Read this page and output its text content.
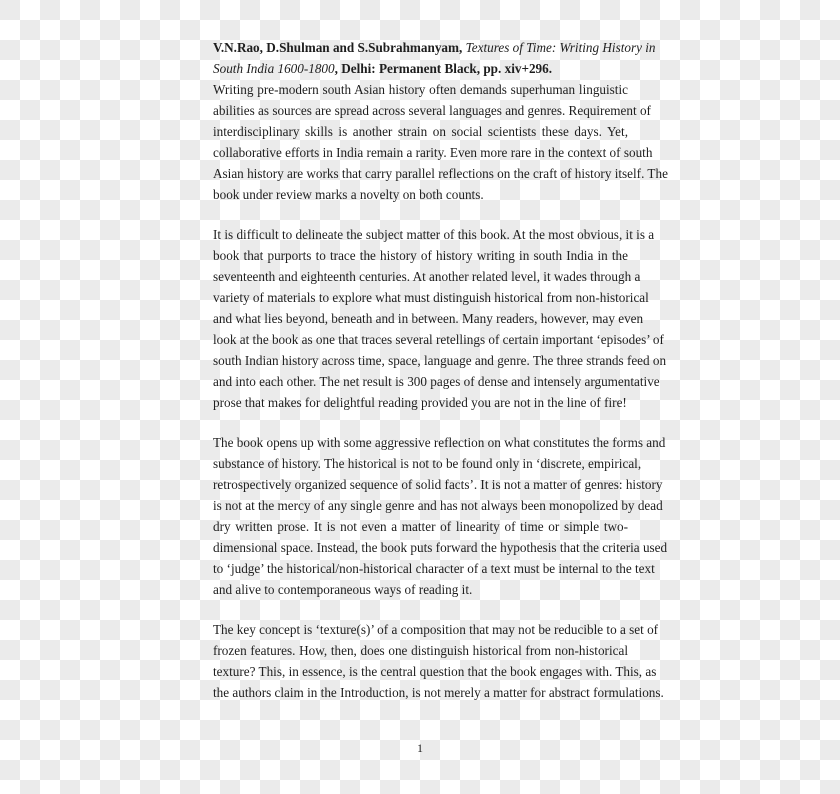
V.N.Rao, D.Shulman and S.Subrahmanyam, Textures of Time: Writing History in
South India 1600-1800, Delhi: Permanent Black, pp. xiv+296.
Writing pre-modern south Asian history often demands superhuman linguistic
abilities as sources are spread across several languages and genres. Requirement of
interdisciplinary skills is another strain on social scientists these days. Yet,
collaborative efforts in India remain a rarity. Even more rare in the context of south
Asian history are works that carry parallel reflections on the craft of history itself. The
book under review marks a novelty on both counts.
It is difficult to delineate the subject matter of this book. At the most obvious, it is a
book that purports to trace the history of history writing in south India in the
seventeenth and eighteenth centuries. At another related level, it wades through a
variety of materials to explore what must distinguish historical from non-historical
and what lies beyond, beneath and in between. Many readers, however, may even
look at the book as one that traces several retellings of certain important ‘episodes’ of
south Indian history across time, space, language and genre. The three strands feed on
and into each other. The net result is 300 pages of dense and intensely argumentative
prose that makes for delightful reading provided you are not in the line of fire!
The book opens up with some aggressive reflection on what constitutes the forms and
substance of history. The historical is not to be found only in ‘discrete, empirical,
retrospectively organized sequence of solid facts’. It is not a matter of genres: history
is not at the mercy of any single genre and has not always been monopolized by dead
dry written prose. It is not even a matter of linearity of time or simple two-
dimensional space. Instead, the book puts forward the hypothesis that the criteria used
to ‘judge’ the historical/non-historical character of a text must be internal to the text
and alive to contemporaneous ways of reading it.
The key concept is ‘texture(s)’ of a composition that may not be reducible to a set of
frozen features. How, then, does one distinguish historical from non-historical
texture? This, in essence, is the central question that the book engages with. This, as
the authors claim in the Introduction, is not merely a matter for abstract formulations.
1
